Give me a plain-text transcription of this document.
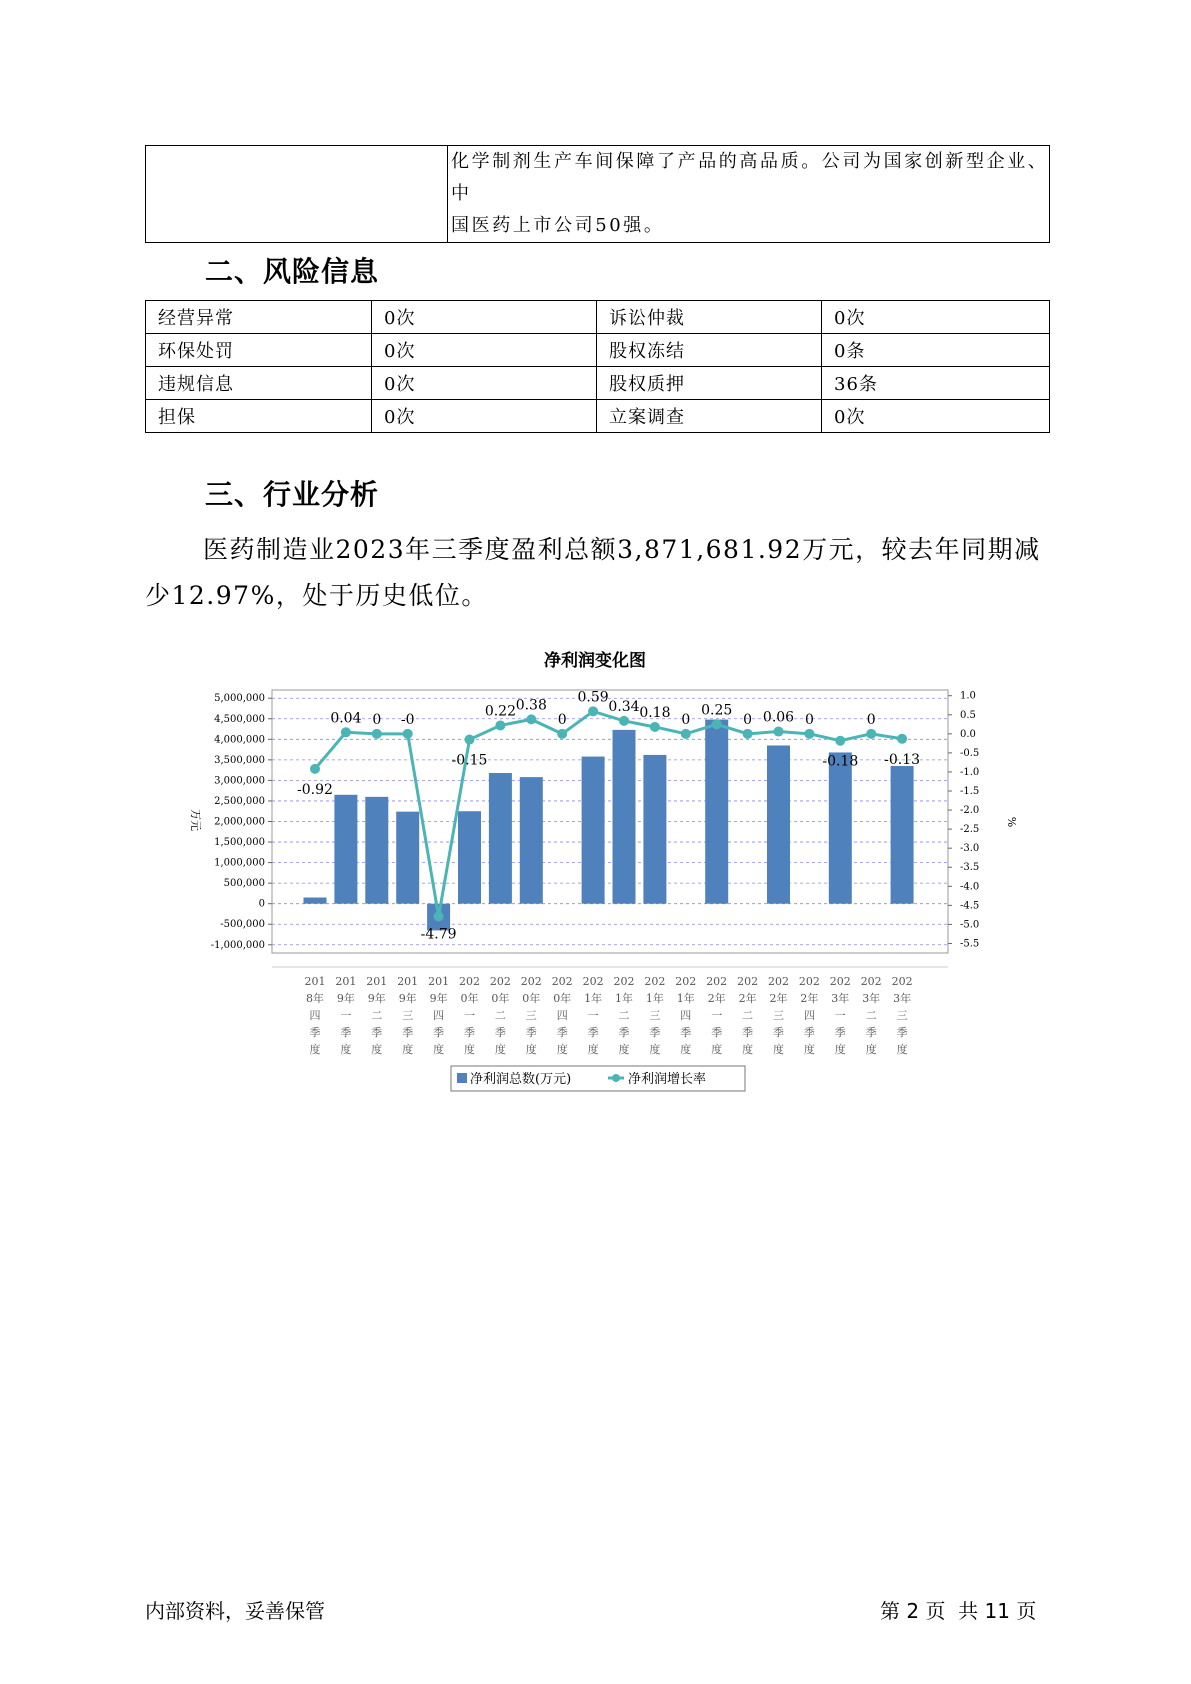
化学制剂生产车间保障了产品的高品质。公司为国家创新型企业、中
国医药上市公司50强。
二、风险信息
经营异常	0次	诉讼仲裁	0次
环保处罚	0次	股权冻结	0条
违规信息	0次	股权质押	36条
担保	0次	立案调查	0次
三、行业分析
医药制造业2023年三季度盈利总额3,871,681.92万元，较去年同期减
少12.97%，处于历史低位。
净利润变化图
5,000,000
4,500,000
4,000,000
3,500,000
3,000,000
2,500,000
2,000,000
1,500,000
1,000,000
500,000
0
-500,000
-1,000,000
1.0
0.5
0.0
-0.5
-1.0
-1.5
-2.0
-2.5
-3.0
-3.5
-4.0
-4.5
-5.0
-5.5
万元	%
-0.92
0.04 0 -0
-4.79
-0.15
0.22 0.38
0
0.59
0.34 0.18 0
0.25
0 0.06 0
-0.18
0
-0.13
201 8年四季度
201 9年一季度
201 9年二季度
201 9年三季度
201 9年四季度
202 0年一季度
202 0年二季度
202 0年三季度
202 0年四季度
202 1年一季度
202 1年二季度
202 1年三季度
202 1年四季度
202 2年一季度
202 2年二季度
202 2年三季度
202 2年四季度
202 3年一季度
202 3年二季度
202 3年三季度
净利润总数(万元)	净利润增长率
内部资料，妥善保管	第 2 页  共 11 页
